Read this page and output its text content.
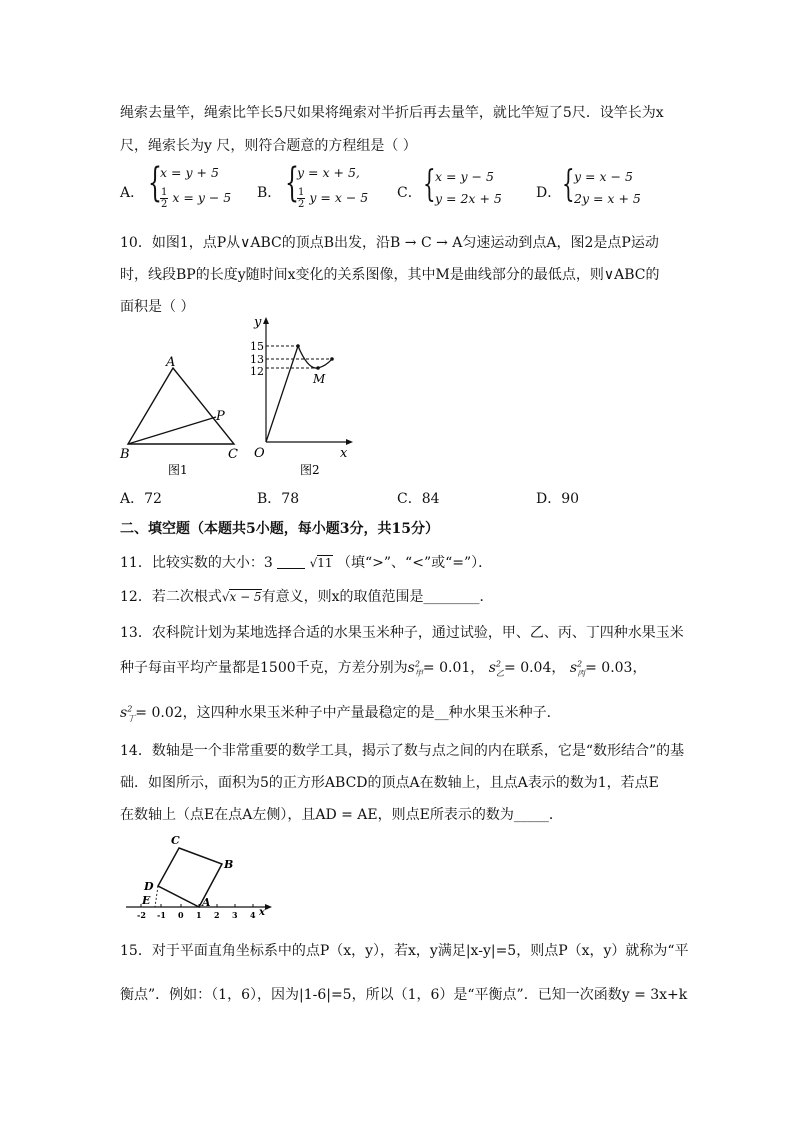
绳索去量竿，绳索比竿长5尺如果将绳索对半折后再去量竿，就比竿短了5尺．设竿长为x
尺，绳索长为y 尺，则符合题意的方程组是（ ）
A． {
x = y + 5
$\frac{1}{2}$ x = y − 5 B． {
y = x + 5,
$\frac{1}{2}$ y = x − 5 C． { x = y − 5
y = 2x + 5 D． { y = x − 5
2y = x + 5
10．如图1，点P从∨ABC的顶点B出发，沿B → C → A匀速运动到点A，图2是点P运动
时，线段BP的长度y随时间x变化的关系图像，其中M是曲线部分的最低点，则∨ABC的
面积是（ ）
A
B	C
P
图1
y
15
13
12
M
O	x
图2
A．72	B．78	C．84	D．90
二、填空题（本题共5小题，每小题3分，共15分）
11．比较实数的大小：3	√11 （填“>”、“<”或“=”）．
12．若二次根式√x − 5有意义，则x的取值范围是________．
13．农科院计划为某地选择合适的水果玉米种子，通过试验，甲、乙、丙、丁四种水果玉米
种子每亩平均产量都是1500千克，方差分别为$s^2_甲= 0.01$， $s^2_乙= 0.04$， $s^2_丙= 0.03$，
$s^2_丁= 0.02$，这四种水果玉米种子中产量最稳定的是__种水果玉米种子．
14．数轴是一个非常重要的数学工具，揭示了数与点之间的内在联系，它是“数形结合”的基
础．如图所示，面积为5的正方形ABCD的顶点A在数轴上，且点A表示的数为1，若点E
在数轴上（点E在点A左侧），且AD = AE，则点E所表示的数为_____．
-2 -1 0 1 2 3 4
C
B
D
E	A
x
15．对于平面直角坐标系中的点P（x，y），若x，y满足|x-y|=5，则点P（x，y）就称为“平
衡点”．例如：（1，6），因为|1-6|=5，所以（1，6）是“平衡点”．已知一次函数y = 3x+k
